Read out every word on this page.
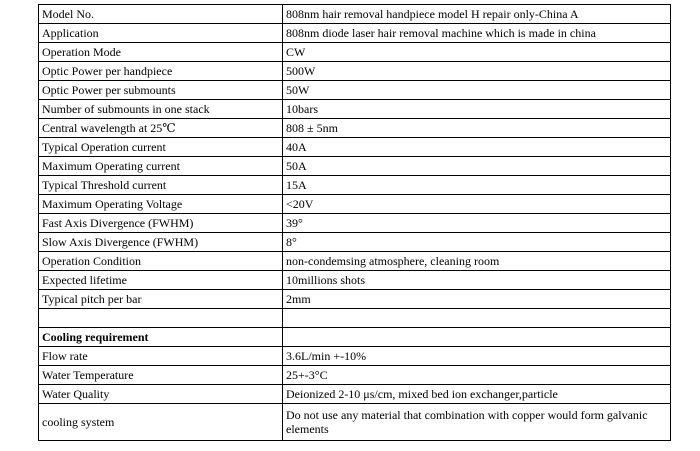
Model No.	808nm hair removal handpiece model H repair only-China A
Application	808nm diode laser hair removal machine which is made in china
Operation Mode	CW
Optic Power per handpiece	500W
Optic Power per submounts	50W
Number of submounts in one stack	10bars
Central wavelength at 25℃	808 ± 5nm
Typical Operation current	40A
Maximum Operating current	50A
Typical Threshold current	15A
Maximum Operating Voltage	<20V
Fast Axis Divergence (FWHM)	39°
Slow Axis Divergence (FWHM)	8°
Operation Condition	non-condemsing atmosphere, cleaning room
Expected lifetime	10millions shots
Typical pitch per bar	2mm

Cooling requirement	
Flow rate	3.6L/min +-10%
Water Temperature	25+-3°C
Water Quality	Deionized 2-10 μs/cm, mixed bed ion exchanger,particle
cooling system	Do not use any material that combination with copper would form galvanic elements
